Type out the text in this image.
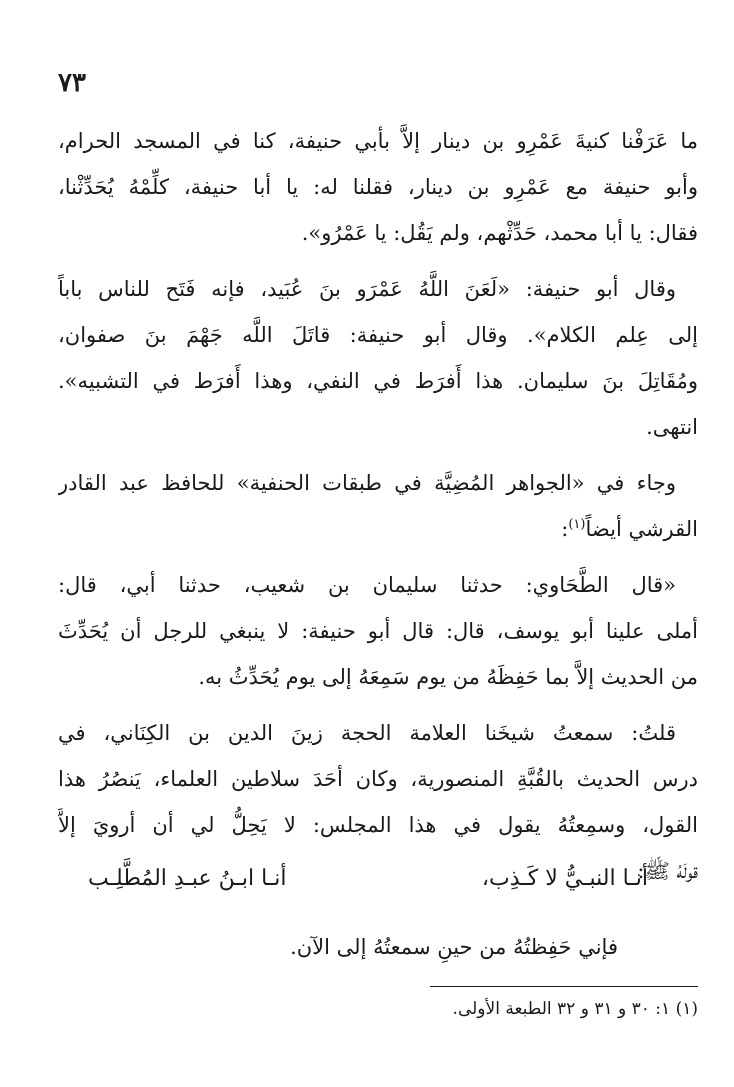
٧٣

ما عَرَفْنا كنيةَ عَمْرِو بن دينار إلاَّ بأبي حنيفة، كنا في المسجد الحرام،
وأبو حنيفة مع عَمْرِو بن دينار، فقلنا له: يا أبا حنيفة، كلِّمْهُ يُحَدِّثْنا،
فقال: يا أبا محمد، حَدِّثْهم، ولم يَقُل: يا عَمْرُو».

وقال أبو حنيفة: «لَعَنَ اللَّهُ عَمْرَو بنَ عُبَيد، فإنه فَتَح للناس باباً
إلى عِلم الكلام». وقال أبو حنيفة: قاتَلَ اللَّه جَهْمَ بنَ صفوان،
ومُقَاتِلَ بنَ سليمان. هذا أَفرَط في النفي، وهذا أَفرَط في التشبيه».
انتهى.

وجاء في «الجواهر المُضِيَّة في طبقات الحنفية» للحافظ عبد القادر
القرشي أيضاً$^{(١)}$:

«قال الطَّحَاوي: حدثنا سليمان بن شعيب، حدثنا أبي، قال:
أملى علينا أبو يوسف، قال: قال أبو حنيفة: لا ينبغي للرجل أن يُحَدِّثَ
من الحديث إلاَّ بما حَفِظَهُ من يوم سَمِعَهُ إلى يوم يُحَدِّثُ به.

قلتُ: سمعتُ شيخَنا العلامة الحجة زينَ الدين بن الكِنَاني، في
درس الحديث بالقُبَّةِ المنصورية، وكان أحَدَ سلاطين العلماء، يَنصُرُ هذا
القول، وسمِعتُهُ يقول في هذا المجلس: لا يَحِلُّ لي أن أرويَ إلاَّ
قولَهُ ﷺ:

أنـا النبـيُّ لا كَـذِب،
أنـا ابـنُ عبـدِ المُطَّلِـب
فإني حَفِظتُهُ من حينِ سمعتُهُ إلى الآن.
(١) ١: ٣٠ و ٣١ و ٣٢ الطبعة الأولى.
